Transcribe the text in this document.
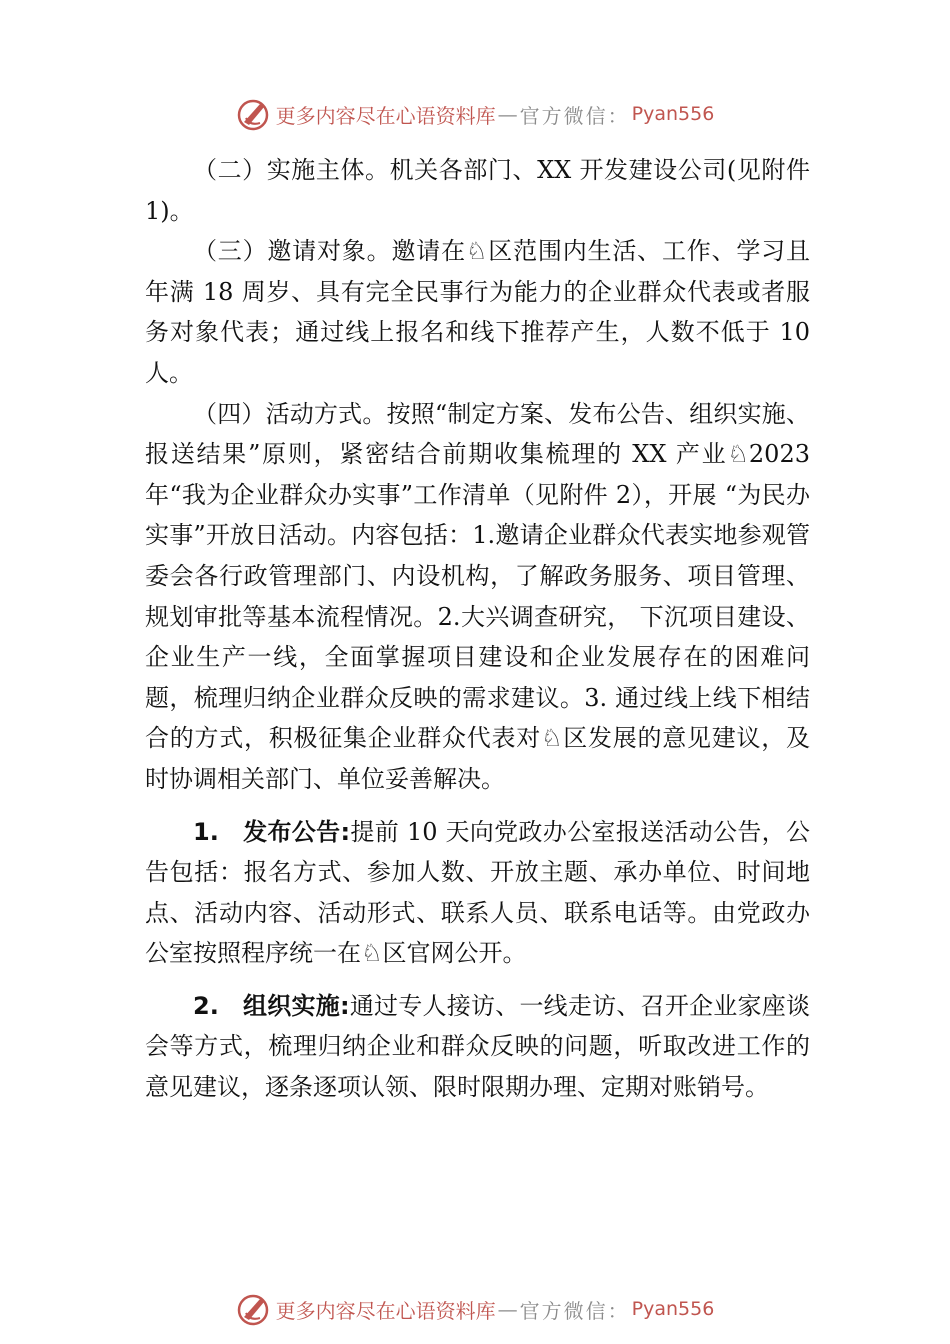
更多内容尽在心语资料库 — 官方微信： Pyan556

（二）实施主体。机关各部门、XX 开发建设公司(见附件 1)。

（三）邀请对象。邀请在♘区范围内生活、工作、学习且年满 18 周岁、具有完全民事行为能力的企业群众代表或者服务对象代表；通过线上报名和线下推荐产生，人数不低于 10 人。

（四）活动方式。按照“制定方案、发布公告、组织实施、报送结果”原则，紧密结合前期收集梳理的 XX 产业♘2023 年“我为企业群众办实事”工作清单（见附件 2），开展 “为民办实事”开放日活动。内容包括：1.邀请企业群众代表实地参观管委会各行政管理部门、内设机构，了解政务服务、项目管理、规划审批等基本流程情况。2.大兴调查研究， 下沉项目建设、企业生产一线，全面掌握项目建设和企业发展存在的困难问题，梳理归纳企业群众反映的需求建议。3. 通过线上线下相结合的方式，积极征集企业群众代表对♘区发展的意见建议，及时协调相关部门、单位妥善解决。

1. 发布公告:提前 10 天向党政办公室报送活动公告，公告包括：报名方式、参加人数、开放主题、承办单位、时间地点、活动内容、活动形式、联系人员、联系电话等。由党政办公室按照程序统一在♘区官网公开。

2. 组织实施:通过专人接访、一线走访、召开企业家座谈会等方式，梳理归纳企业和群众反映的问题，听取改进工作的意见建议，逐条逐项认领、限时限期办理、定期对账销号。

更多内容尽在心语资料库 — 官方微信： Pyan556
